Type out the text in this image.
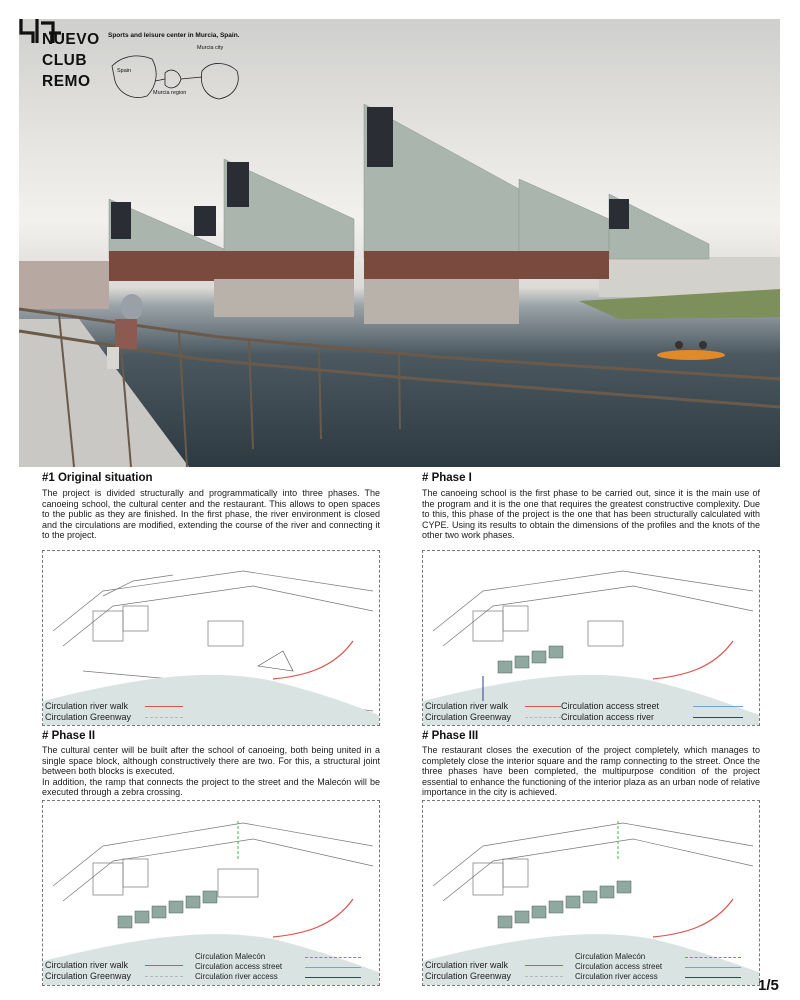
NUEVO
CLUB
REMO
Sports and leisure center in Murcia, Spain.
Spain
Murcia city
Murcia region
#1 Original situation
The project is divided structurally and programmatically into three phases. The canoeing school, the cultural center and the restaurant. This allows to open spaces to the public as they are finished. In the first phase, the river environment is closed and the circulations are modified, extending the course of the river and connecting it to the project.
Circulation river walk
Circulation Greenway
# Phase I
The canoeing school is the first phase to be carried out, since it is the main use of the program and it is the one that requires the greatest constructive complexity. Due to this, this phase of the project is the one that has been structurally calculated with CYPE. Using its results to obtain the dimensions of the profiles and the knots of the other two work phases.
Circulation river walk
Circulation Greenway
Circulation access street
Circulation access river
# Phase II
The cultural center will be built after the school of canoeing, both being united in a single space block, although constructively there are two. For this, a structural joint between both blocks is executed.
In addition, the ramp that connects the project to the street and the Malecón will be executed through a zebra crossing.
Circulation river walk
Circulation Greenway
Circulation Malecón
Circulation access street
Circulation river access
# Phase III
The restaurant closes the execution of the project completely, which manages to completely close the interior square and the ramp connecting to the street. Once the three phases have been completed, the multipurpose condition of the project essential to enhance the functioning of the interior plaza as an urban node of relative importance in the city is achieved.
Circulation river walk
Circulation Greenway
Circulation Malecón
Circulation access street
Circulation river access
1/5
